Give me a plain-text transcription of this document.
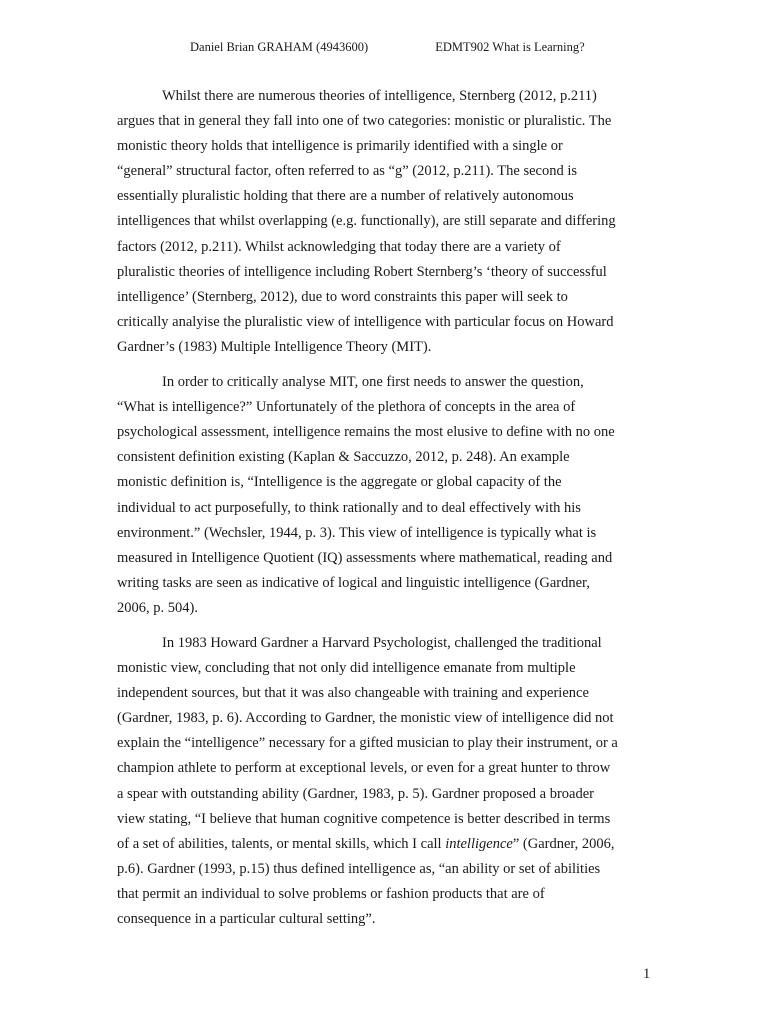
Daniel Brian GRAHAM (4943600)	EDMT902 What is Learning?
Whilst there are numerous theories of intelligence, Sternberg (2012, p.211)
argues that in general they fall into one of two categories: monistic or pluralistic. The
monistic theory holds that intelligence is primarily identified with a single or
“general” structural factor, often referred to as “g” (2012, p.211). The second is
essentially pluralistic holding that there are a number of relatively autonomous
intelligences that whilst overlapping (e.g. functionally), are still separate and differing
factors (2012, p.211). Whilst acknowledging that today there are a variety of
pluralistic theories of intelligence including Robert Sternberg’s ‘theory of successful
intelligence’ (Sternberg, 2012), due to word constraints this paper will seek to
critically analyise the pluralistic view of intelligence with particular focus on Howard
Gardner’s (1983) Multiple Intelligence Theory (MIT).
In order to critically analyse MIT, one first needs to answer the question,
“What is intelligence?” Unfortunately of the plethora of concepts in the area of
psychological assessment, intelligence remains the most elusive to define with no one
consistent definition existing (Kaplan & Saccuzzo, 2012, p. 248). An example
monistic definition is, “Intelligence is the aggregate or global capacity of the
individual to act purposefully, to think rationally and to deal effectively with his
environment.” (Wechsler, 1944, p. 3). This view of intelligence is typically what is
measured in Intelligence Quotient (IQ) assessments where mathematical, reading and
writing tasks are seen as indicative of logical and linguistic intelligence (Gardner,
2006, p. 504).
In 1983 Howard Gardner a Harvard Psychologist, challenged the traditional
monistic view, concluding that not only did intelligence emanate from multiple
independent sources, but that it was also changeable with training and experience
(Gardner, 1983, p. 6). According to Gardner, the monistic view of intelligence did not
explain the “intelligence” necessary for a gifted musician to play their instrument, or a
champion athlete to perform at exceptional levels, or even for a great hunter to throw
a spear with outstanding ability (Gardner, 1983, p. 5). Gardner proposed a broader
view stating, “I believe that human cognitive competence is better described in terms
of a set of abilities, talents, or mental skills, which I call intelligence” (Gardner, 2006,
p.6). Gardner (1993, p.15) thus defined intelligence as, “an ability or set of abilities
that permit an individual to solve problems or fashion products that are of
consequence in a particular cultural setting”.
1
